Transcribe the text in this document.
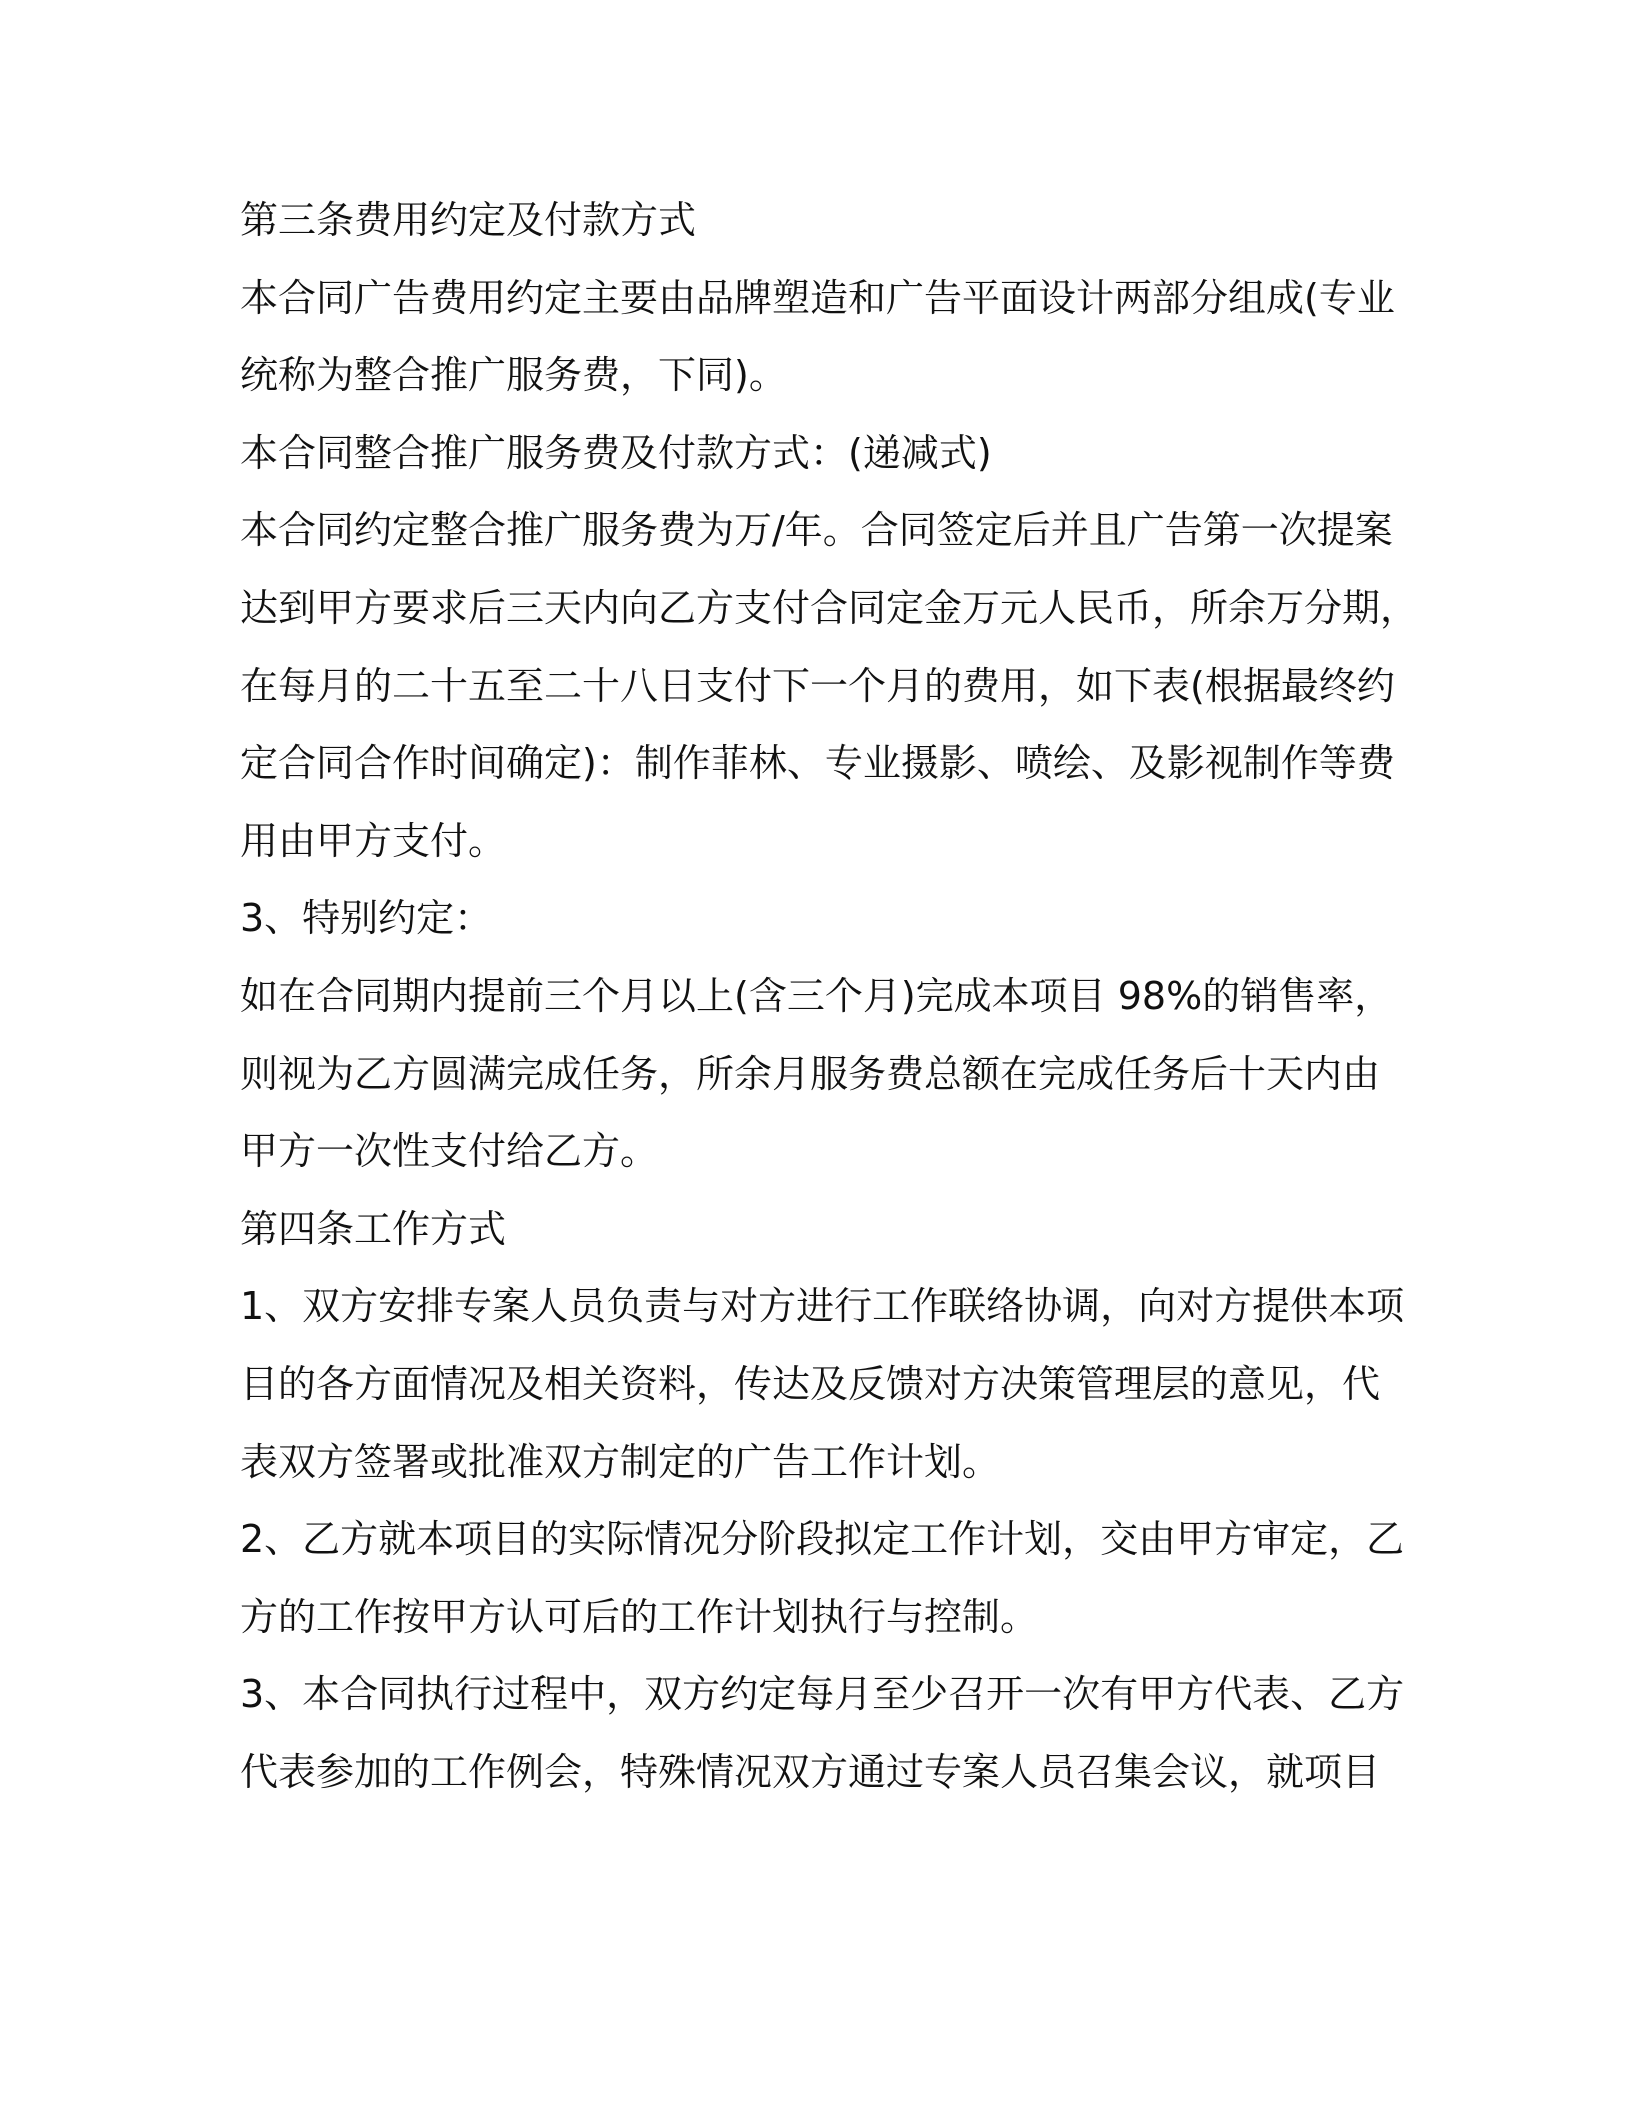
第三条费用约定及付款方式
本合同广告费用约定主要由品牌塑造和广告平面设计两部分组成(专业
统称为整合推广服务费，下同)。
本合同整合推广服务费及付款方式：(递减式)
本合同约定整合推广服务费为万/年。合同签定后并且广告第一次提案
达到甲方要求后三天内向乙方支付合同定金万元人民币，所余万分期，
在每月的二十五至二十八日支付下一个月的费用，如下表(根据最终约
定合同合作时间确定)：制作菲林、专业摄影、喷绘、及影视制作等费
用由甲方支付。
3、特别约定：
如在合同期内提前三个月以上(含三个月)完成本项目 98%的销售率，
则视为乙方圆满完成任务，所余月服务费总额在完成任务后十天内由
甲方一次性支付给乙方。
第四条工作方式
1、双方安排专案人员负责与对方进行工作联络协调，向对方提供本项
目的各方面情况及相关资料，传达及反馈对方决策管理层的意见，代
表双方签署或批准双方制定的广告工作计划。
2、乙方就本项目的实际情况分阶段拟定工作计划，交由甲方审定，乙
方的工作按甲方认可后的工作计划执行与控制。
3、本合同执行过程中，双方约定每月至少召开一次有甲方代表、乙方
代表参加的工作例会，特殊情况双方通过专案人员召集会议，就项目
